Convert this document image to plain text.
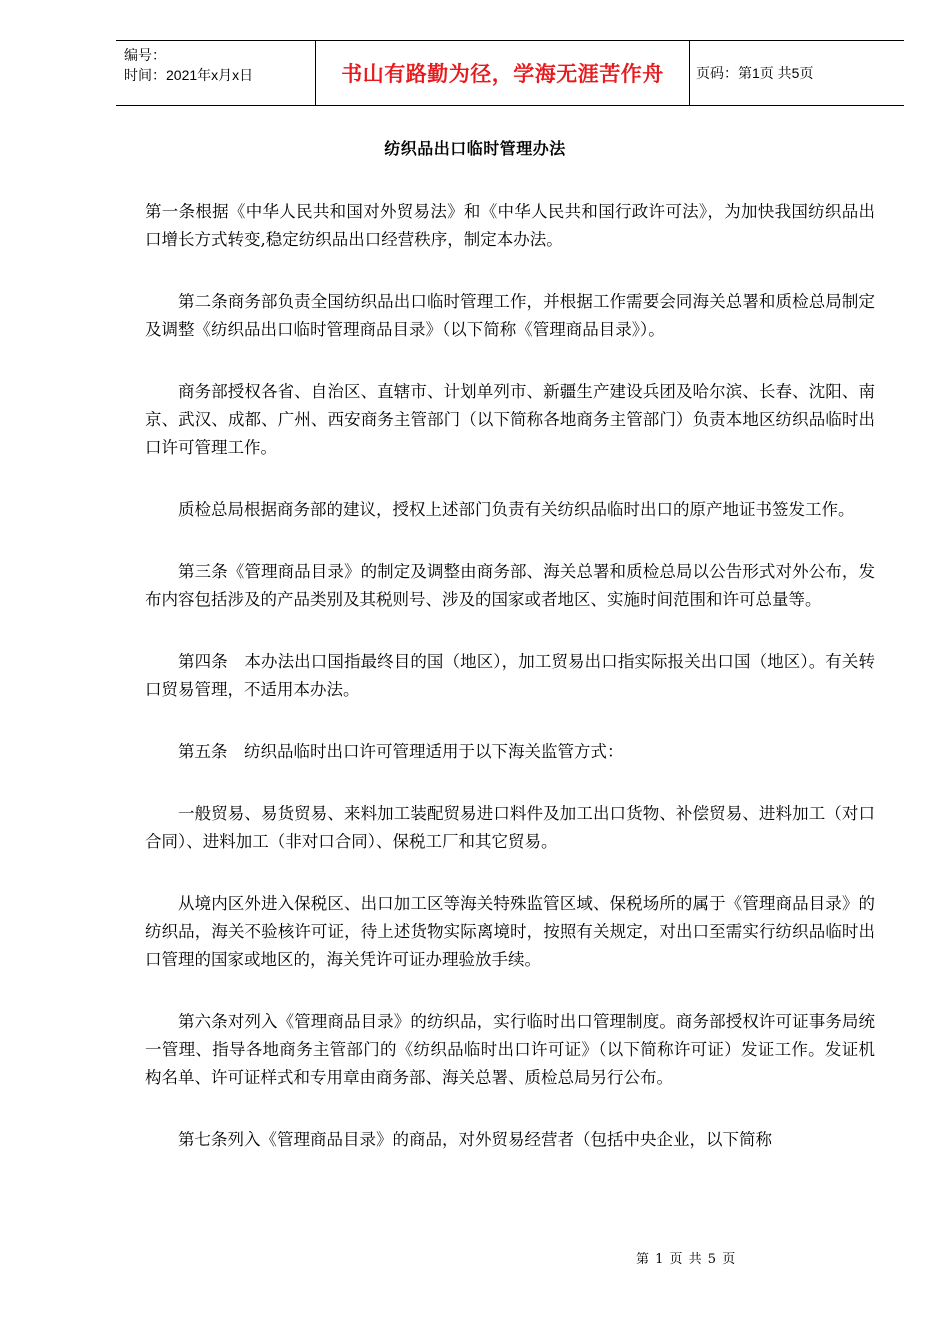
编号：
时间：2021年x月x日	书山有路勤为径，学海无涯苦作舟	页码：第1页 共5页
纺织品出口临时管理办法

第一条根据《中华人民共和国对外贸易法》和《中华人民共和国行政许可法》，为加快我国纺织品出口增长方式转变,稳定纺织品出口经营秩序，制定本办法。

第二条商务部负责全国纺织品出口临时管理工作，并根据工作需要会同海关总署和质检总局制定及调整《纺织品出口临时管理商品目录》（以下简称《管理商品目录》）。

商务部授权各省、自治区、直辖市、计划单列市、新疆生产建设兵团及哈尔滨、长春、沈阳、南京、武汉、成都、广州、西安商务主管部门（以下简称各地商务主管部门）负责本地区纺织品临时出口许可管理工作。

质检总局根据商务部的建议，授权上述部门负责有关纺织品临时出口的原产地证书签发工作。

第三条《管理商品目录》的制定及调整由商务部、海关总署和质检总局以公告形式对外公布，发布内容包括涉及的产品类别及其税则号、涉及的国家或者地区、实施时间范围和许可总量等。

第四条　本办法出口国指最终目的国（地区），加工贸易出口指实际报关出口国（地区）。有关转口贸易管理，不适用本办法。

第五条　纺织品临时出口许可管理适用于以下海关监管方式：

一般贸易、易货贸易、来料加工装配贸易进口料件及加工出口货物、补偿贸易、进料加工（对口合同）、进料加工（非对口合同）、保税工厂和其它贸易。

从境内区外进入保税区、出口加工区等海关特殊监管区域、保税场所的属于《管理商品目录》的纺织品，海关不验核许可证，待上述货物实际离境时，按照有关规定，对出口至需实行纺织品临时出口管理的国家或地区的，海关凭许可证办理验放手续。

第六条对列入《管理商品目录》的纺织品，实行临时出口管理制度。商务部授权许可证事务局统一管理、指导各地商务主管部门的《纺织品临时出口许可证》（以下简称许可证）发证工作。发证机构名单、许可证样式和专用章由商务部、海关总署、质检总局另行公布。

第七条列入《管理商品目录》的商品，对外贸易经营者（包括中央企业，以下简称

第 1 页 共 5 页
